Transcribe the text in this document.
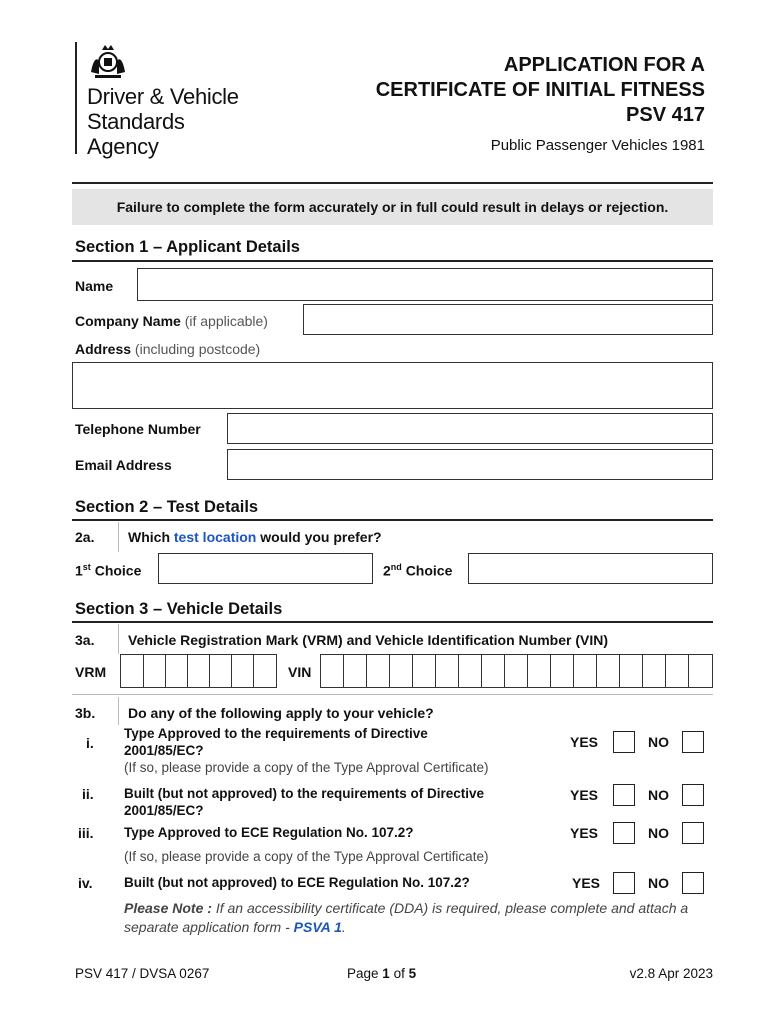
Driver & Vehicle
Standards
Agency
APPLICATION FOR A
CERTIFICATE OF INITIAL FITNESS
PSV 417
Public Passenger Vehicles 1981
Failure to complete the form accurately or in full could result in delays or rejection.
Section 1 – Applicant Details
Name
Company Name (if applicable)
Address (including postcode)
Telephone Number
Email Address
Section 2 – Test Details
2a. Which test location would you prefer?
1st Choice	2nd Choice
Section 3 – Vehicle Details
3a. Vehicle Registration Mark (VRM) and Vehicle Identification Number (VIN)
VRM	VIN
3b. Do any of the following apply to your vehicle?
i.
Type Approved to the requirements of Directive
2001/85/EC?
(If so, please provide a copy of the Type Approval Certificate)
YES	NO
ii. Built (but not approved) to the requirements of Directive
2001/85/EC?
YES	NO
iii. Type Approved to ECE Regulation No. 107.2?
(If so, please provide a copy of the Type Approval Certificate)
YES	NO
iv. Built (but not approved) to ECE Regulation No. 107.2?	YES	NO
Please Note : If an accessibility certificate (DDA) is required, please complete and attach a separate application form - PSVA 1.
PSV 417 / DVSA 0267	Page 1 of 5	v2.8 Apr 2023
